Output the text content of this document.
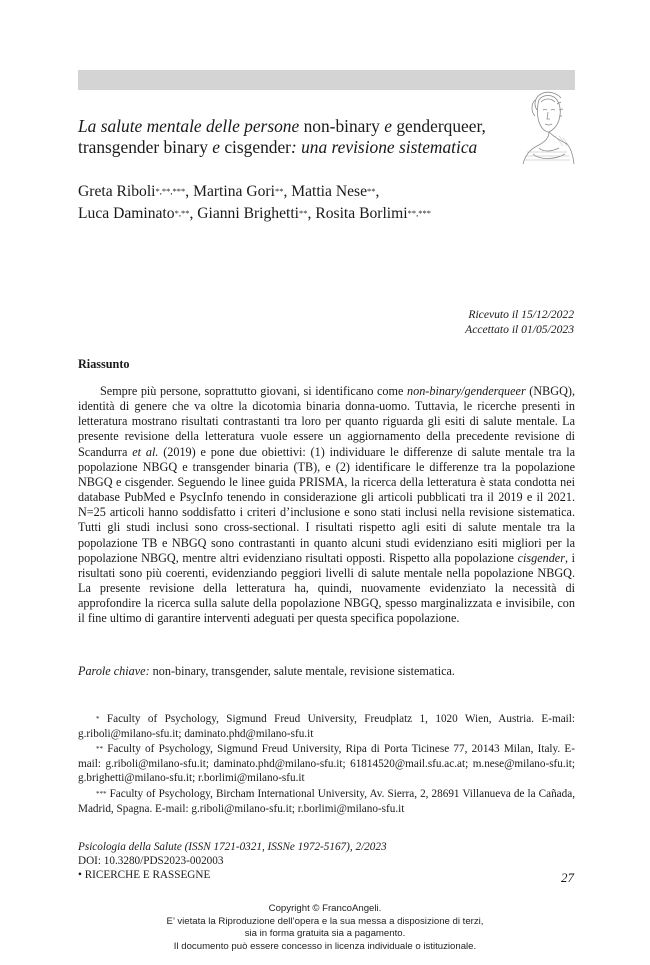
La salute mentale delle persone non-binary e genderqueer,
transgender binary e cisgender: una revisione sistematica
Greta Riboli*,**,***, Martina Gori**, Mattia Nese**,
Luca Daminato*,**, Gianni Brighetti**, Rosita Borlimi**,***
Ricevuto il 15/12/2022
Accettato il 01/05/2023
Riassunto

Sempre più persone, soprattutto giovani, si identificano come non-binary/genderqueer (NBGQ), identità di genere che va oltre la dicotomia binaria donna-uomo. Tuttavia, le ricerche presenti in letteratura mostrano risultati contrastanti tra loro per quanto riguarda gli esiti di salute mentale. La presente revisione della letteratura vuole essere un aggiornamento della precedente revisione di Scandurra et al. (2019) e pone due obiettivi: (1) individuare le differenze di salute mentale tra la popolazione NBGQ e transgender binaria (TB), e (2) identificare le differenze tra la popolazione NBGQ e cisgender. Seguendo le linee guida PRISMA, la ricerca della letteratura è stata condotta nei database PubMed e PsycInfo tenendo in considerazione gli articoli pubblicati tra il 2019 e il 2021. N=25 articoli hanno soddisfatto i criteri d’inclusione e sono stati inclusi nella revisione sistematica. Tutti gli studi inclusi sono cross-sectional. I risultati rispetto agli esiti di salute mentale tra la popolazione TB e NBGQ sono contrastanti in quanto alcuni studi evidenziano esiti migliori per la popolazione NBGQ, mentre altri evidenziano risultati opposti. Rispetto alla popolazione cisgender, i risultati sono più coerenti, evidenziando peggiori livelli di salute mentale nella popolazione NBGQ. La presente revisione della letteratura ha, quindi, nuovamente evidenziato la necessità di approfondire la ricerca sulla salute della popolazione NBGQ, spesso marginalizzata e invisibile, con il fine ultimo di garantire interventi adeguati per questa specifica popolazione.

Parole chiave: non-binary, transgender, salute mentale, revisione sistematica.

* Faculty of Psychology, Sigmund Freud University, Freudplatz 1, 1020 Wien, Austria. E-mail: g.riboli@milano-sfu.it; daminato.phd@milano-sfu.it

** Faculty of Psychology, Sigmund Freud University, Ripa di Porta Ticinese 77, 20143 Milan, Italy. E-mail: g.riboli@milano-sfu.it; daminato.phd@milano-sfu.it; 61814520@mail.sfu.ac.at; m.nese@milano-sfu.it; g.brighetti@milano-sfu.it; r.borlimi@milano-sfu.it

*** Faculty of Psychology, Bircham International University, Av. Sierra, 2, 28691 Villanueva de la Cañada, Madrid, Spagna. E-mail: g.riboli@milano-sfu.it; r.borlimi@milano-sfu.it

Psicologia della Salute (ISSN 1721-0321, ISSNe 1972-5167), 2/2023
DOI: 10.3280/PDS2023-002003
• RICERCHE E RASSEGNE	27
Copyright © FrancoAngeli.
E’ vietata la Riproduzione dell’opera e la sua messa a disposizione di terzi,
sia in forma gratuita sia a pagamento.
Il documento può essere concesso in licenza individuale o istituzionale.
